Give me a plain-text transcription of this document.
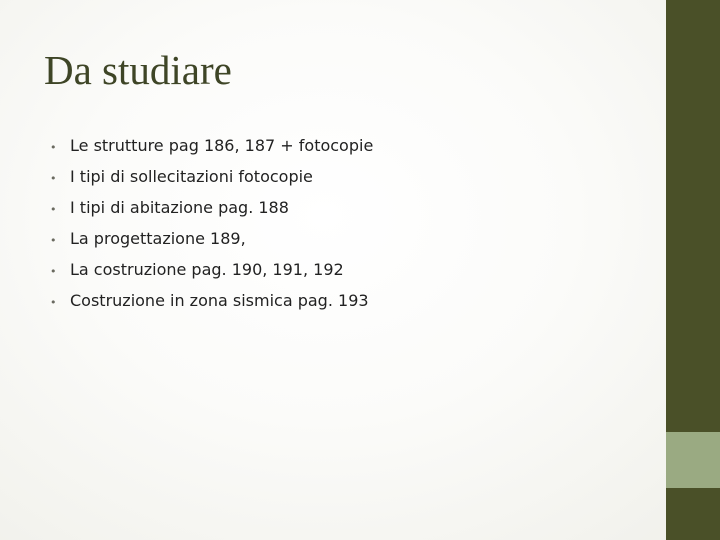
Da studiare
• Le strutture pag 186, 187 + fotocopie
• I tipi di sollecitazioni fotocopie
• I tipi di abitazione pag. 188
• La progettazione 189,
• La costruzione pag. 190, 191, 192
• Costruzione in zona sismica pag. 193
